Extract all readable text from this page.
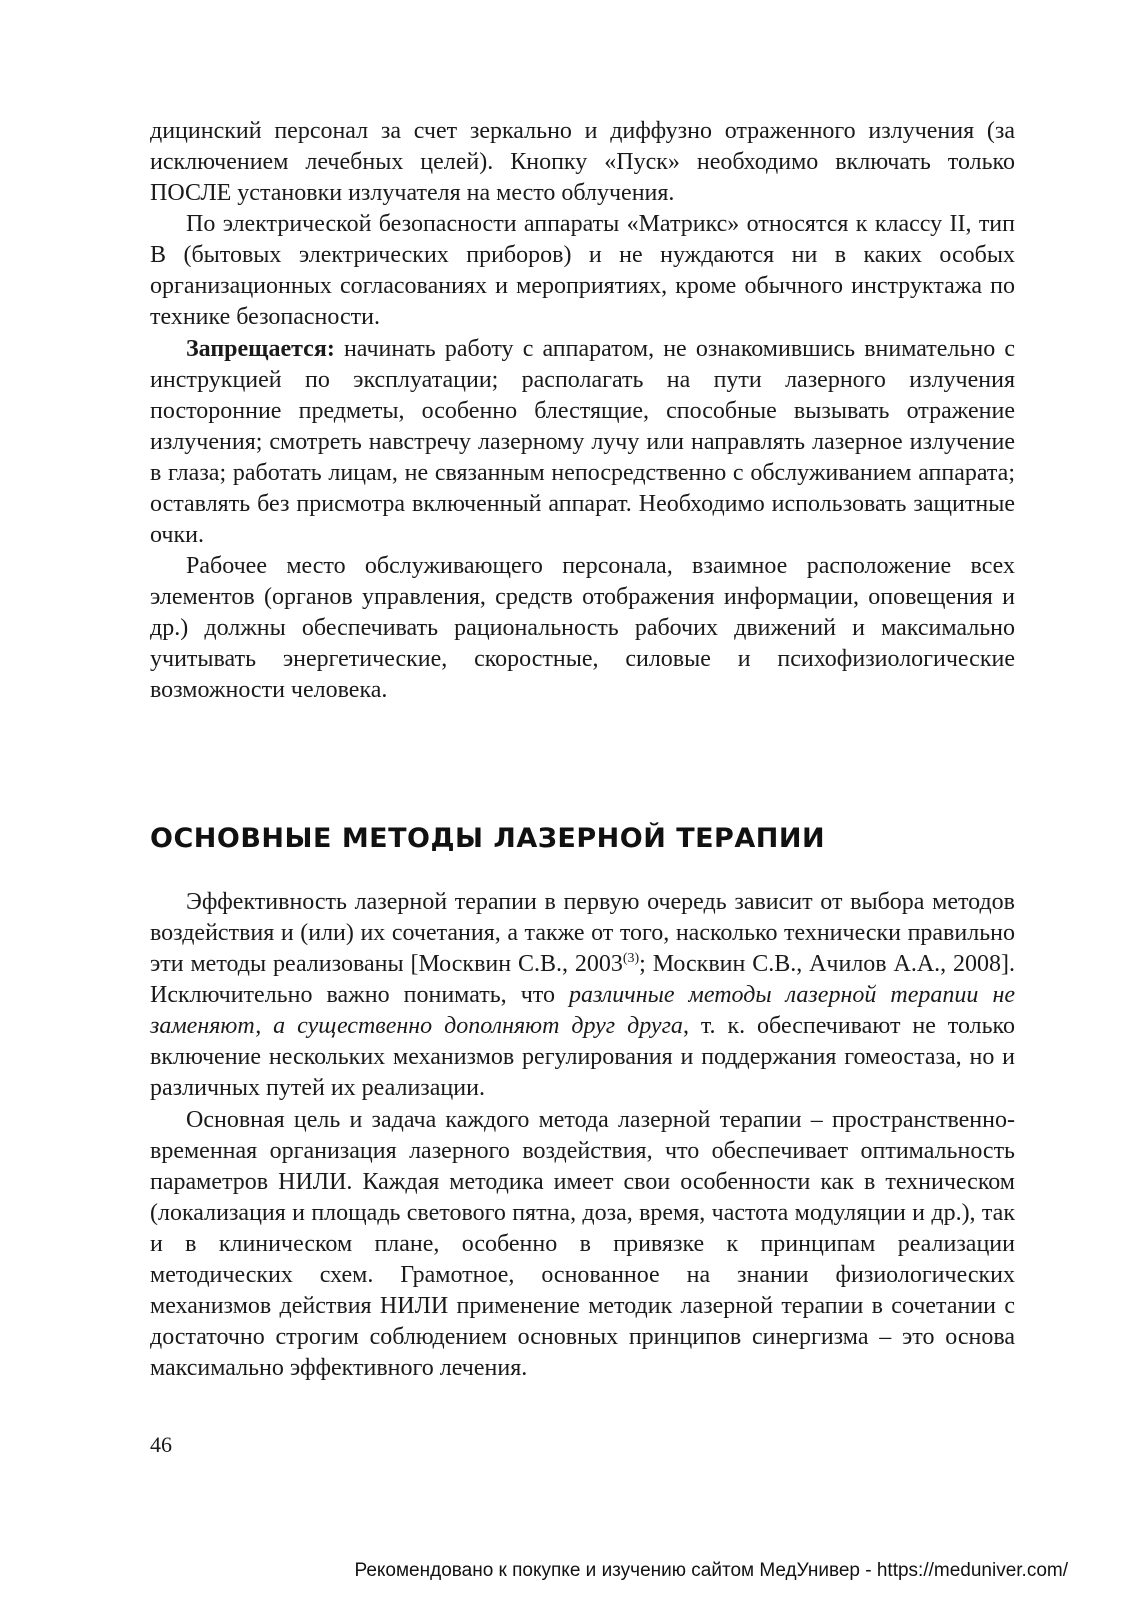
дицинский персонал за счет зеркально и диффузно отраженного излучения (за исключением лечебных целей). Кнопку «Пуск» необходимо включать только ПОСЛЕ установки излучателя на место облучения.

По электрической безопасности аппараты «Матрикс» относятся к классу II, тип В (бытовых электрических приборов) и не нуждаются ни в каких особых организационных согласованиях и мероприятиях, кроме обычного инструктажа по технике безопасности.

Запрещается: начинать работу с аппаратом, не ознакомившись внимательно с инструкцией по эксплуатации; располагать на пути лазерного излучения посторонние предметы, особенно блестящие, способные вызывать отражение излучения; смотреть навстречу лазерному лучу или направлять лазерное излучение в глаза; работать лицам, не связанным непосредственно с обслуживанием аппарата; оставлять без присмотра включенный аппарат. Необходимо использовать защитные очки.

Рабочее место обслуживающего персонала, взаимное расположение всех элементов (органов управления, средств отображения информации, оповещения и др.) должны обеспечивать рациональность рабочих движений и максимально учитывать энергетические, скоростные, силовые и психофизиологические возможности человека.

ОСНОВНЫЕ МЕТОДЫ ЛАЗЕРНОЙ ТЕРАПИИ

Эффективность лазерной терапии в первую очередь зависит от выбора методов воздействия и (или) их сочетания, а также от того, насколько технически правильно эти методы реализованы [Москвин С.В., 2003$^{(3)}$; Москвин С.В., Ачилов А.А., 2008]. Исключительно важно понимать, что различные методы лазерной терапии не заменяют, а существенно дополняют друг друга, т. к. обеспечивают не только включение нескольких механизмов регулирования и поддержания гомеостаза, но и различных путей их реализации.

Основная цель и задача каждого метода лазерной терапии – пространственно-временная организация лазерного воздействия, что обеспечивает оптимальность параметров НИЛИ. Каждая методика имеет свои особенности как в техническом (локализация и площадь светового пятна, доза, время, частота модуляции и др.), так и в клиническом плане, особенно в привязке к принципам реализации методических схем. Грамотное, основанное на знании физиологических механизмов действия НИЛИ применение методик лазерной терапии в сочетании с достаточно строгим соблюдением основных принципов синергизма – это основа максимально эффективного лечения.

46
Рекомендовано к покупке и изучению сайтом МедУнивер - https://meduniver.com/
